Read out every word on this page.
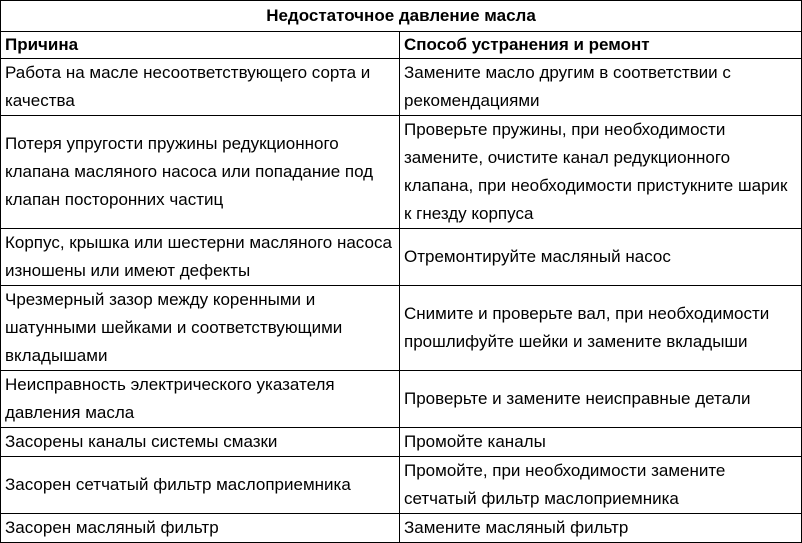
Недостаточное давление масла	
Причина	Способ устранения и ремонт
Работа на масле несоответствующего сорта и качества	Замените масло другим в соответствии с рекомендациями
Потеря упругости пружины редукционного клапана масляного насоса или попадание под клапан посторонних частиц	Проверьте пружины, при необходимости замените, очистите канал редукционного клапана, при необходимости пристукните шарик к гнезду корпуса
Корпус, крышка или шестерни масляного насоса изношены или имеют дефекты	Отремонтируйте масляный насос
Чрезмерный зазор между коренными и шатунными шейками и соответствующими вкладышами	Снимите и проверьте вал, при необходимости прошлифуйте шейки и замените вкладыши
Неисправность электрического указателя давления масла	Проверьте и замените неисправные детали
Засорены каналы системы смазки	Промойте каналы
Засорен сетчатый фильтр маслоприемника	Промойте, при необходимости замените сетчатый фильтр маслоприемника
Засорен масляный фильтр	Замените масляный фильтр
